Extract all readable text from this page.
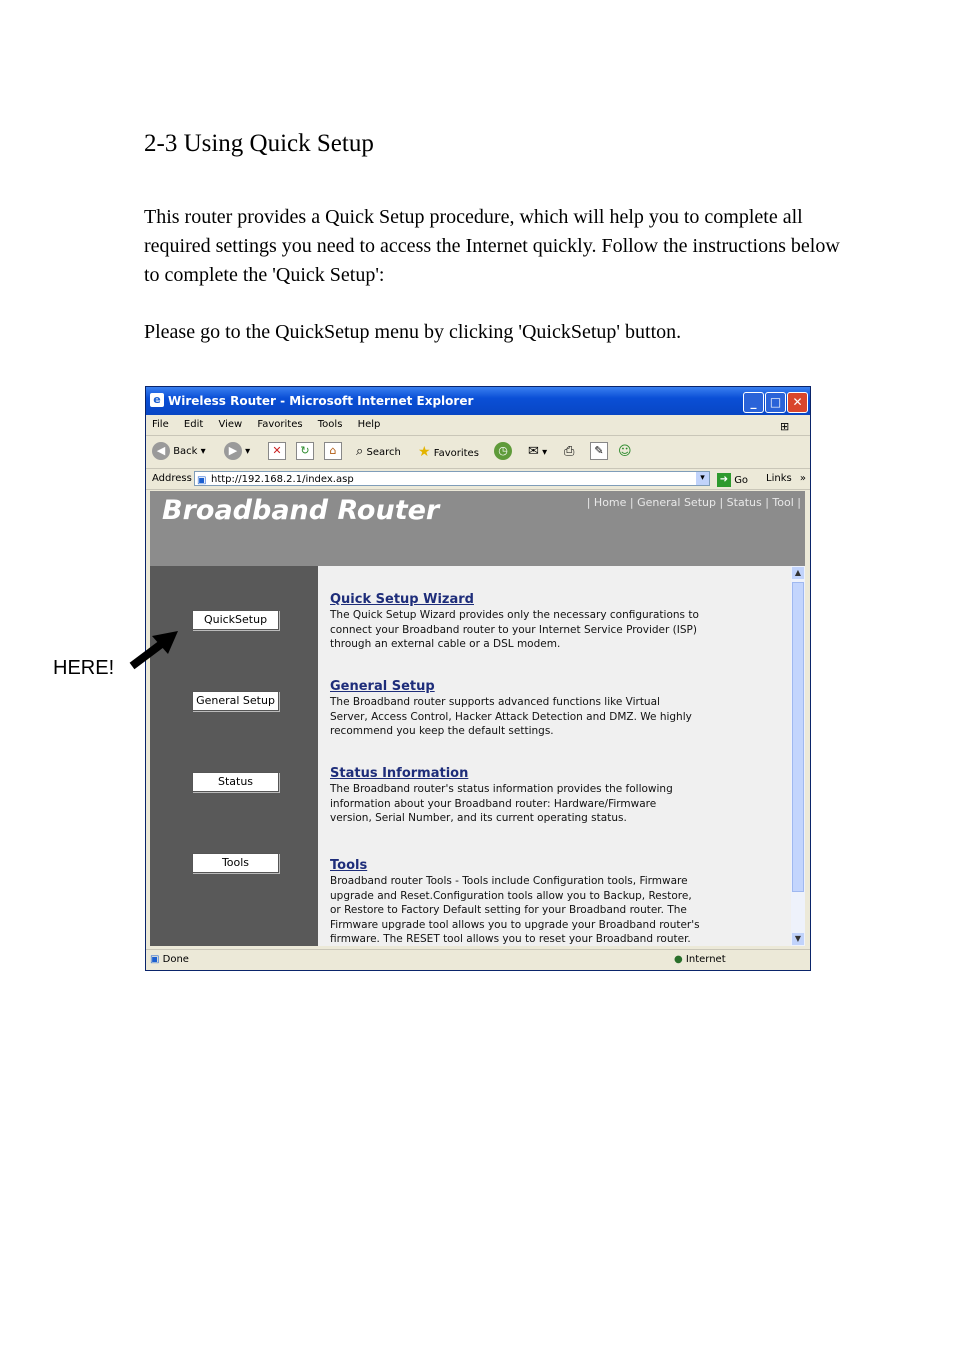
2-3 Using Quick Setup
This router provides a Quick Setup procedure, which will help you to complete all required settings you need to access the Internet quickly. Follow the instructions below to complete the 'Quick Setup':
Please go to the QuickSetup menu by clicking 'QuickSetup' button.
e Wireless Router - Microsoft Internet Explorer	_	□ ✕
File Edit View Favorites Tools Help	⊞
◀ Back ▾	▶ ▾	✕	↻	⌂	⌕ Search ★ Favorites	◷	✉ ▾ ⎙	✎	☺
Address ▣ http://192.168.2.1/index.asp	▾	➜ Go Links »
Broadband Router	| Home | General Setup | Status | Tool |
QuickSetup
General Setup
Status
Tools
Quick Setup Wizard
The Quick Setup Wizard provides only the necessary configurations to connect your Broadband router to your Internet Service Provider (ISP) through an external cable or a DSL modem.
General Setup
The Broadband router supports advanced functions like Virtual Server, Access Control, Hacker Attack Detection and DMZ. We highly recommend you keep the default settings.
Status Information
The Broadband router's status information provides the following information about your Broadband router: Hardware/Firmware version, Serial Number, and its current operating status.
Tools
Broadband router Tools - Tools include Configuration tools, Firmware upgrade and Reset.Configuration tools allow you to Backup, Restore, or Restore to Factory Default setting for your Broadband router. The Firmware upgrade tool allows you to upgrade your Broadband router's firmware. The RESET tool allows you to reset your Broadband router.
▲
▼
▣ Done	● Internet
HERE!
